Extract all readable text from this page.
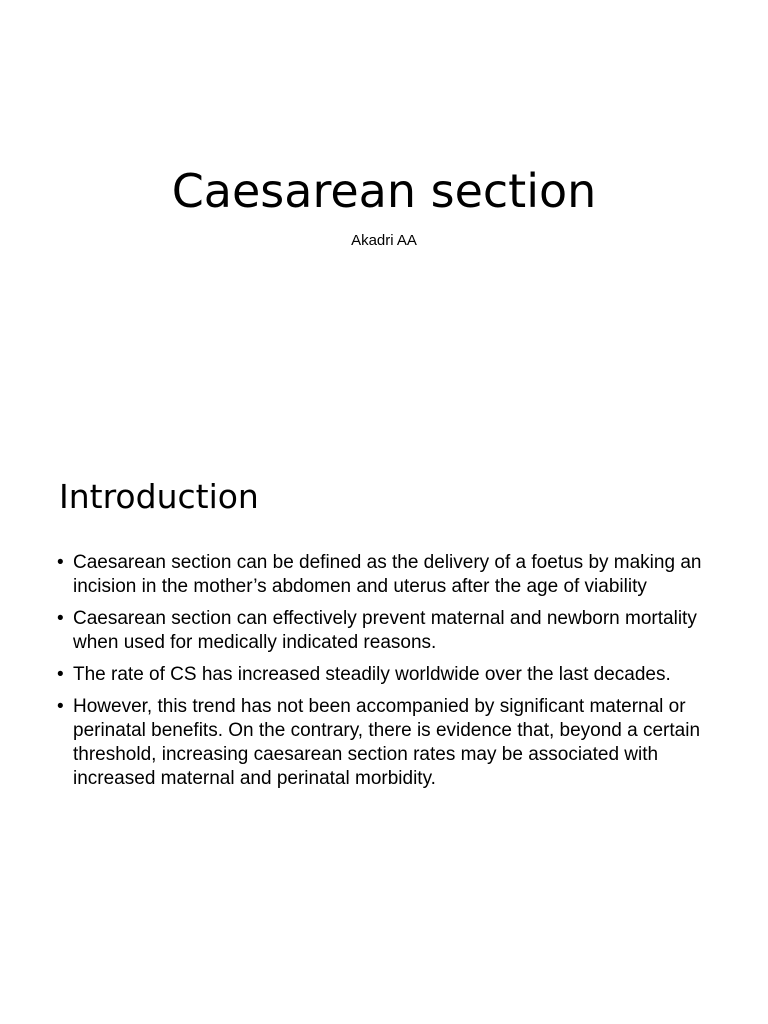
Caesarean section

Akadri AA

Introduction
• Caesarean section can be defined as the delivery of a foetus by making an incision in the mother’s abdomen and uterus after the age of viability
• Caesarean section can effectively prevent maternal and newborn mortality when used for medically indicated reasons.
• The rate of CS has increased steadily worldwide over the last decades.
• However, this trend has not been accompanied by significant maternal or perinatal benefits. On the contrary, there is evidence that, beyond a certain threshold, increasing caesarean section rates may be associated with increased maternal and perinatal morbidity.
